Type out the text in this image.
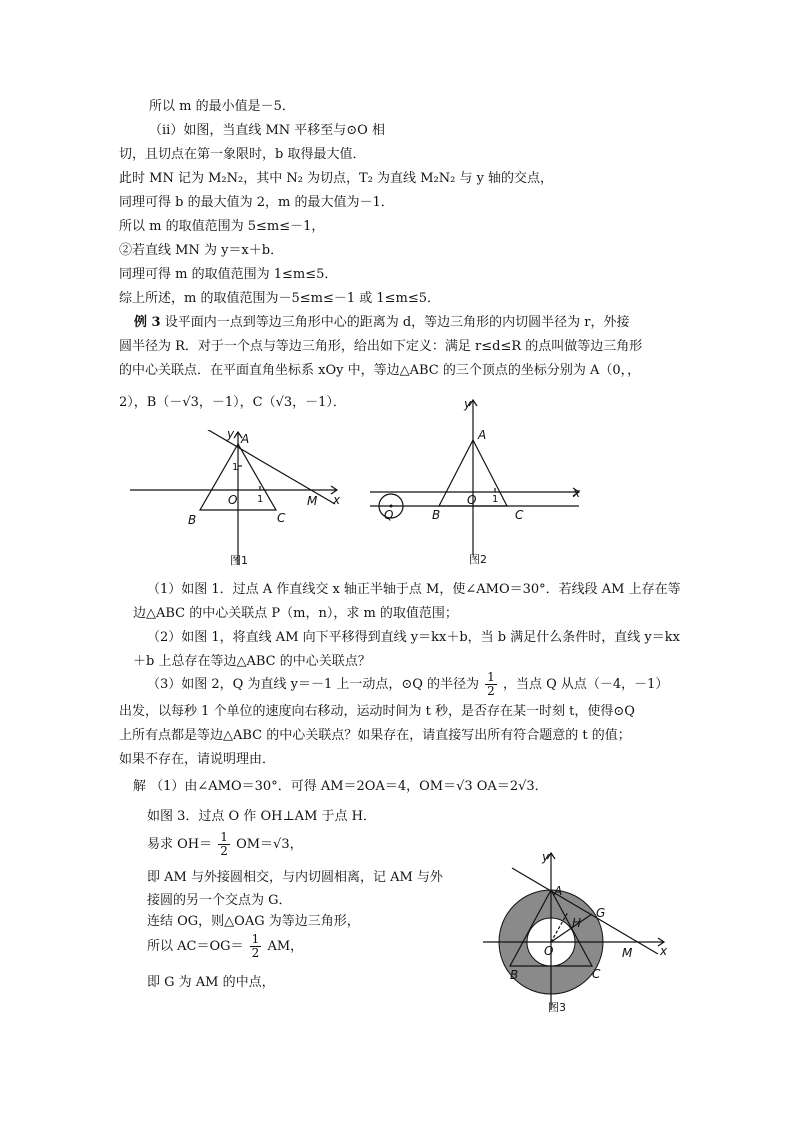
所以 m 的最小值是－5．
（ii）如图，当直线 MN 平移至与⊙O 相
切，且切点在第一象限时，b 取得最大值．
此时 MN 记为 M₂N₂，其中 N₂ 为切点，T₂ 为直线 M₂N₂ 与 y 轴的交点，
同理可得 b 的最大值为 2，m 的最大值为－1．
所以 m 的取值范围为 5≤m≤－1，
②若直线 MN 为 y＝x＋b．
同理可得 m 的取值范围为 1≤m≤5．
综上所述，m 的取值范围为－5≤m≤－1 或 1≤m≤5．
例 3 设平面内一点到等边三角形中心的距离为 d，等边三角形的内切圆半径为 r，外接
圆半径为 R．对于一个点与等边三角形，给出如下定义：满足 r≤d≤R 的点叫做等边三角形
的中心关联点．在平面直角坐标系 xOy 中，等边△ABC 的三个顶点的坐标分别为 A（0，，
2），B（－√3，－1），C（√3，－1）．
y
x
A
B	C
O	M
1
1
图1
y
x
A
B	C
O
Q
1
图2
（1）如图 1．过点 A 作直线交 x 轴正半轴于点 M，使∠AMO＝30°．若线段 AM 上存在等
边△ABC 的中心关联点 P（m，n），求 m 的取值范围；
（2）如图 1，将直线 AM 向下平移得到直线 y＝kx＋b，当 b 满足什么条件时，直线 y＝kx
＋b 上总存在等边△ABC 的中心关联点？
（3）如图 2，Q 为直线 y＝－1 上一动点，⊙Q 的半径为 $\frac{1}{2}$ ，当点 Q 从点（－4，－1）
出发，以每秒 1 个单位的速度向右移动，运动时间为 t 秒，是否存在某一时刻 t，使得⊙Q
上所有点都是等边△ABC 的中心关联点？如果存在，请直接写出所有符合题意的 t 的值；
如果不存在，请说明理由．
解 （1）由∠AMO＝30°．可得 AM＝2OA＝4，OM＝√3 OA＝2√3．
如图 3．过点 O 作 OH⊥AM 于点 H．
易求 $OH= \frac{1}{2} OM=√3$，
即 AM 与外接圆相交，与内切圆相离，记 AM 与外
接圆的另一个交点为 G．
连结 OG，则△OAG 为等边三角形，
所以 $AC=OG= \frac{1}{2}$ AM，
即 G 为 AM 的中点，
y
x
A
B	C
O	M
G
H
图3
